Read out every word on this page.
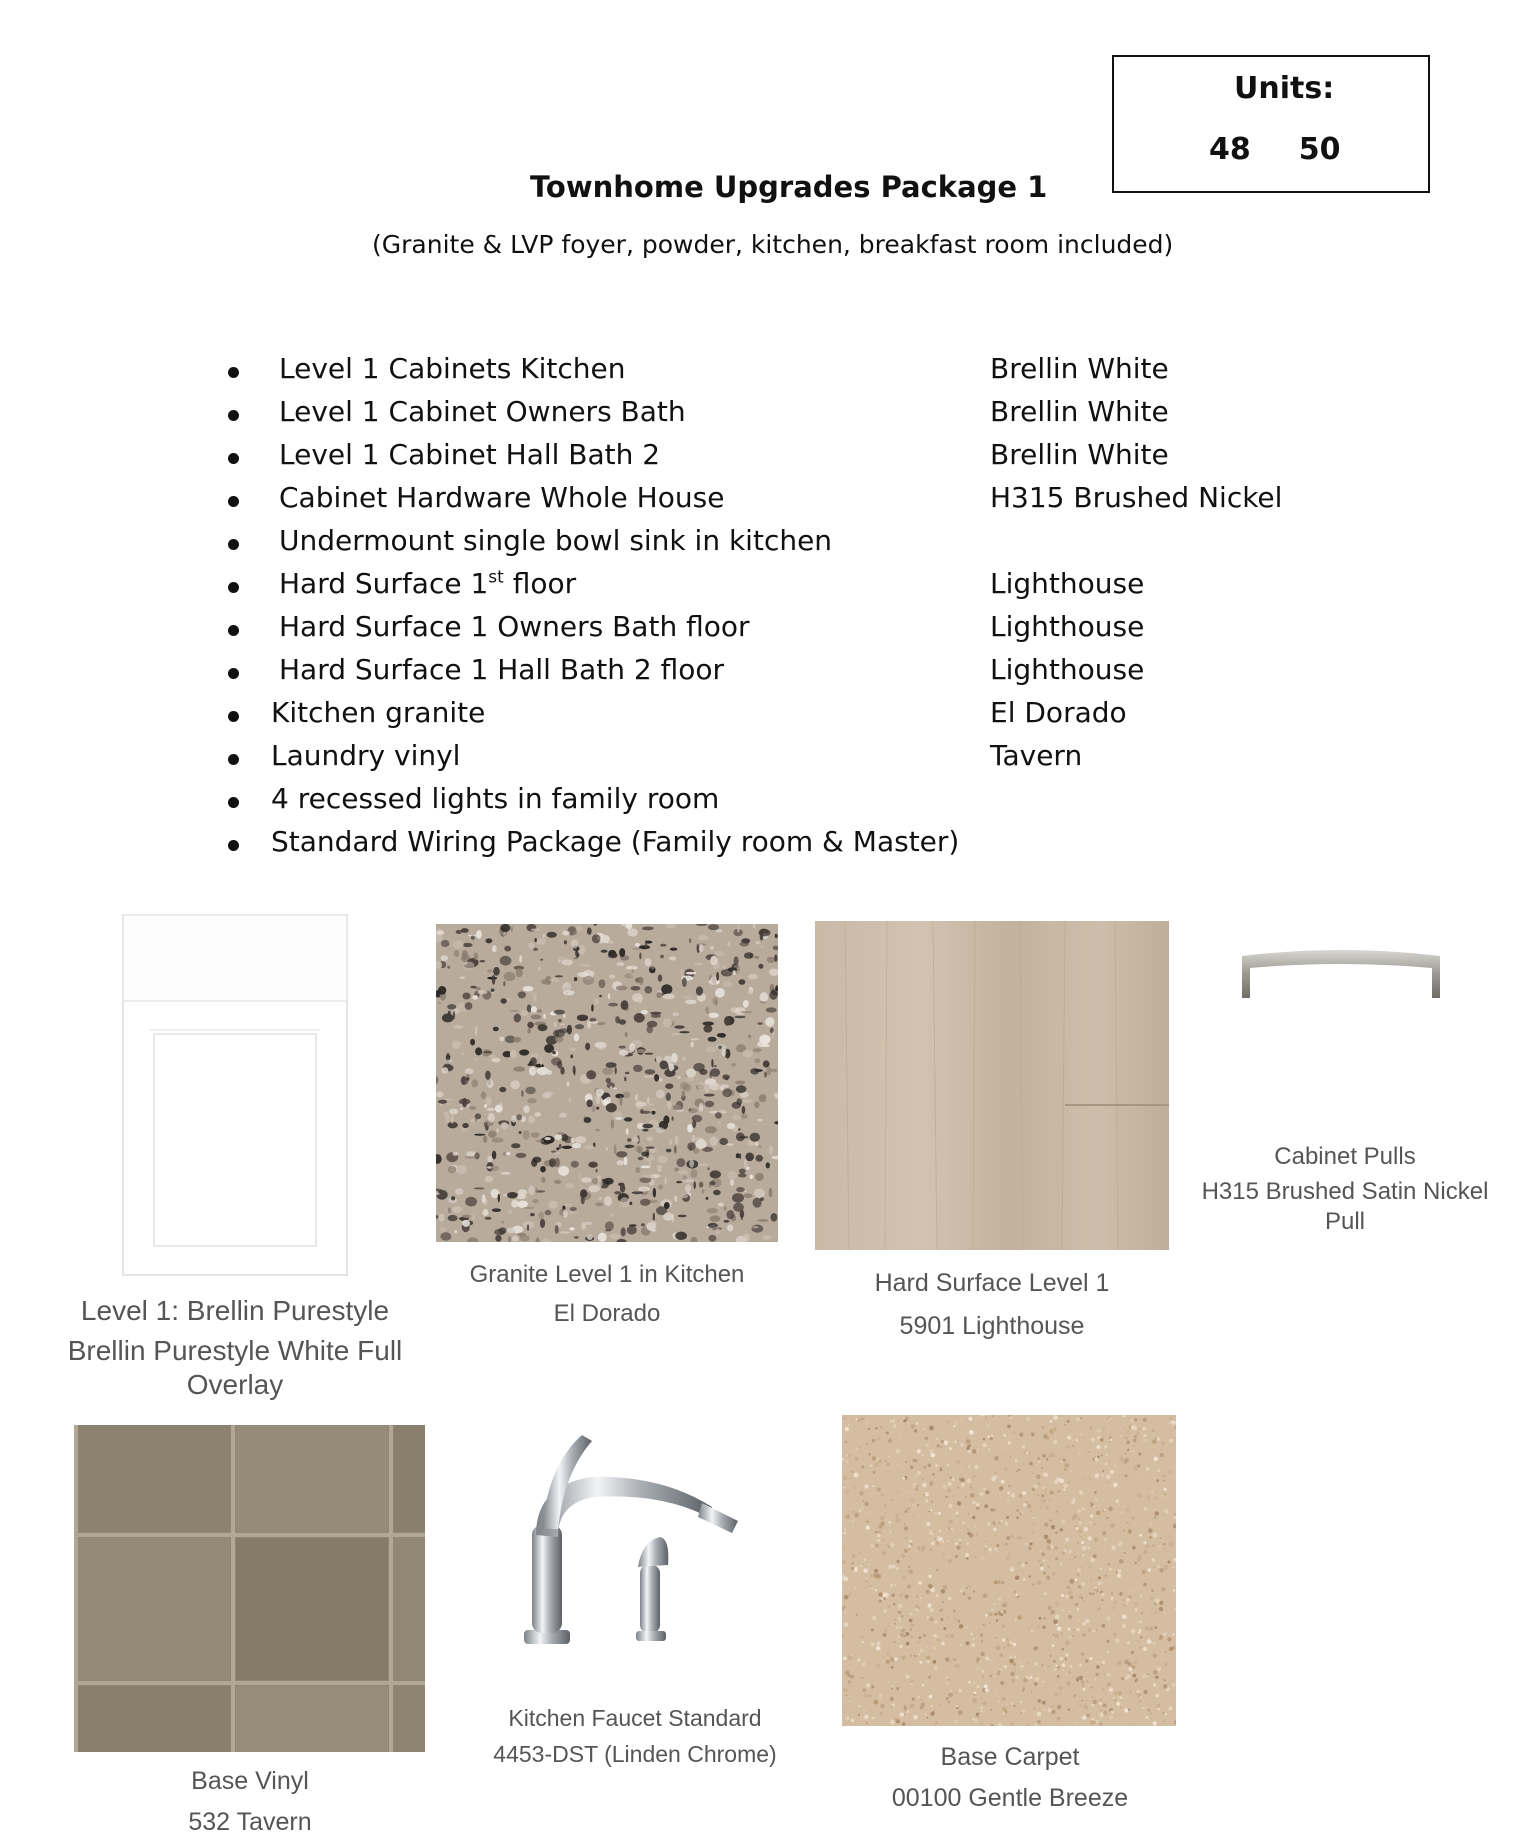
Units:
48 50
Townhome Upgrades Package 1
(Granite & LVP foyer, powder, kitchen, breakfast room included)
Level 1 Cabinets Kitchen	Brellin White
Level 1 Cabinet Owners Bath	Brellin White
Level 1 Cabinet Hall Bath 2	Brellin White
Cabinet Hardware Whole House	H315 Brushed Nickel
Undermount single bowl sink in kitchen
Hard Surface 1st floor	Lighthouse
Hard Surface 1 Owners Bath floor	Lighthouse
Hard Surface 1 Hall Bath 2 floor	Lighthouse
Kitchen granite	El Dorado
Laundry vinyl	Tavern
4 recessed lights in family room
Standard Wiring Package (Family room & Master)
Level 1: Brellin Purestyle
Brellin Purestyle White Full
Overlay
Granite Level 1 in Kitchen
El Dorado
Hard Surface Level 1
5901 Lighthouse
Cabinet Pulls
H315 Brushed Satin Nickel
Pull
Base Vinyl
532 Tavern
Kitchen Faucet Standard
4453-DST (Linden Chrome)	Base Carpet
00100 Gentle Breeze
